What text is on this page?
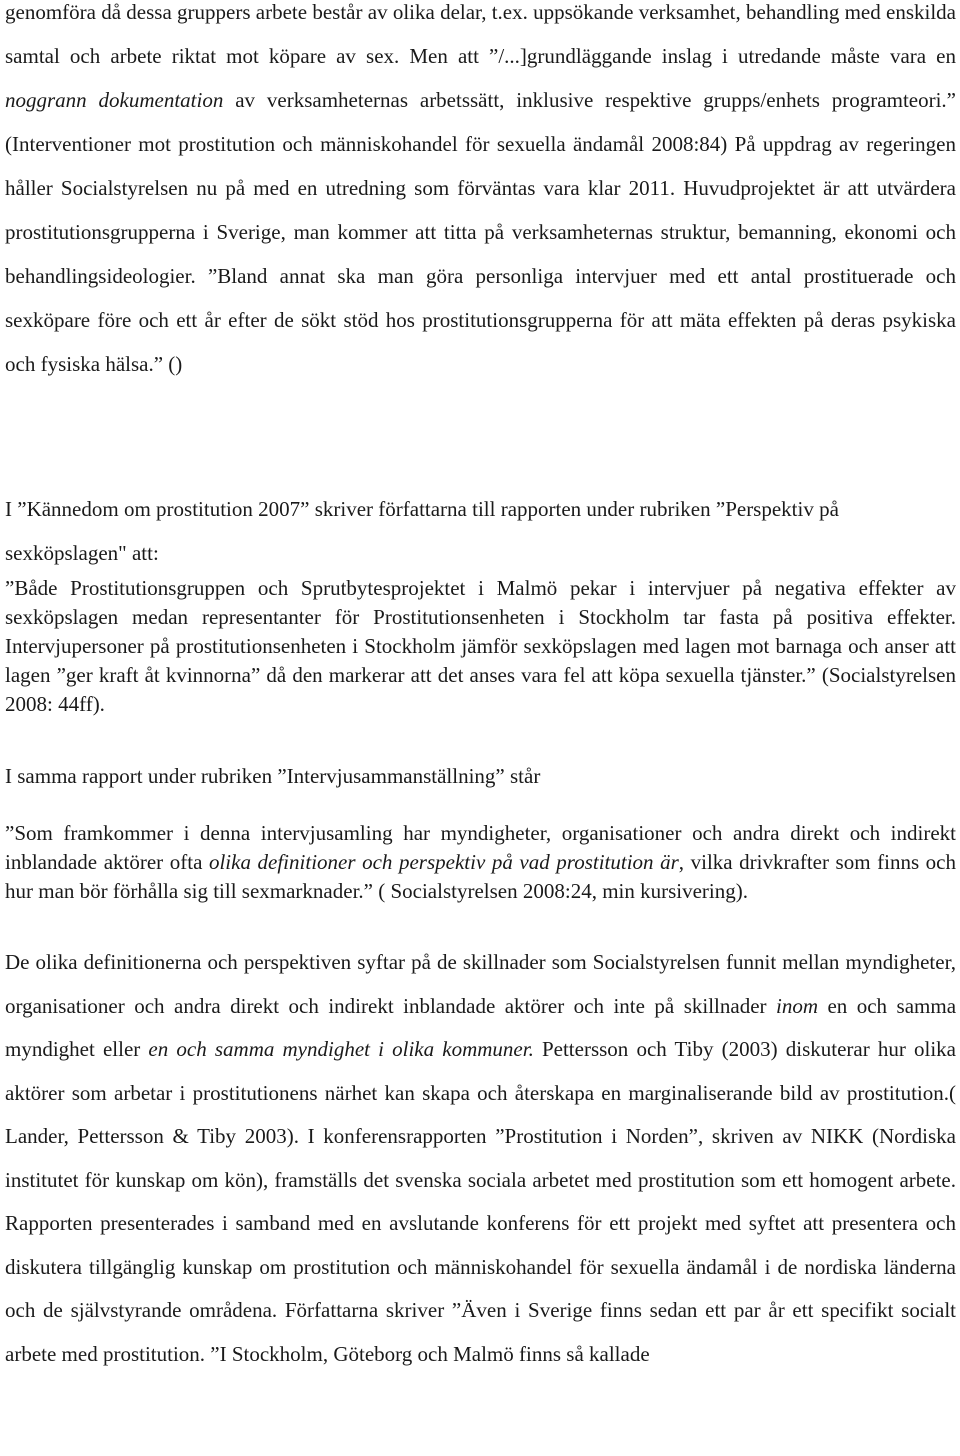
genomföra då dessa gruppers arbete består av olika delar, t.ex. uppsökande verksamhet, behandling med enskilda samtal och arbete riktat mot köpare av sex. Men att ”/...]grundläggande inslag i utredande måste vara en noggrann dokumentation av verksamheternas arbetssätt, inklusive respektive grupps/enhets programteori.” (Interventioner mot prostitution och människohandel för sexuella ändamål 2008:84) På uppdrag av regeringen håller Socialstyrelsen nu på med en utredning som förväntas vara klar 2011. Huvudprojektet är att utvärdera prostitutionsgrupperna i Sverige, man kommer att titta på verksamheternas struktur, bemanning, ekonomi och behandlingsideologier. ”Bland annat ska man göra personliga intervjuer med ett antal prostituerade och sexköpare före och ett år efter de sökt stöd hos prostitutionsgrupperna för att mäta effekten på deras psykiska och fysiska hälsa.” ()

I ”Kännedom om prostitution 2007” skriver författarna till rapporten under rubriken ”Perspektiv på sexköpslagen" att:

”Både Prostitutionsgruppen och Sprutbytesprojektet i Malmö pekar i intervjuer på negativa effekter av sexköpslagen medan representanter för Prostitutionsenheten i Stockholm tar fasta på positiva effekter. Intervjupersoner på prostitutionsenheten i Stockholm jämför sexköpslagen med lagen mot barnaga och anser att lagen ”ger kraft åt kvinnorna” då den markerar att det anses vara fel att köpa sexuella tjänster.” (Socialstyrelsen 2008: 44ff).

I samma rapport under rubriken ”Intervjusammanställning” står

”Som framkommer i denna intervjusamling har myndigheter, organisationer och andra direkt och indirekt inblandade aktörer ofta olika definitioner och perspektiv på vad prostitution är, vilka drivkrafter som finns och hur man bör förhålla sig till sexmarknader.” ( Socialstyrelsen 2008:24, min kursivering).

De olika definitionerna och perspektiven syftar på de skillnader som Socialstyrelsen funnit mellan myndigheter, organisationer och andra direkt och indirekt inblandade aktörer och inte på skillnader inom en och samma myndighet eller en och samma myndighet i olika kommuner. Pettersson och Tiby (2003) diskuterar hur olika aktörer som arbetar i prostitutionens närhet kan skapa och återskapa en marginaliserande bild av prostitution.( Lander, Pettersson & Tiby 2003). I konferensrapporten ”Prostitution i Norden”, skriven av NIKK (Nordiska institutet för kunskap om kön), framställs det svenska sociala arbetet med prostitution som ett homogent arbete. Rapporten presenterades i samband med en avslutande konferens för ett projekt med syftet att presentera och diskutera tillgänglig kunskap om prostitution och människohandel för sexuella ändamål i de nordiska länderna och de självstyrande områdena. Författarna skriver ”Även i Sverige finns sedan ett par år ett specifikt socialt arbete med prostitution. ”I Stockholm, Göteborg och Malmö finns så kallade
